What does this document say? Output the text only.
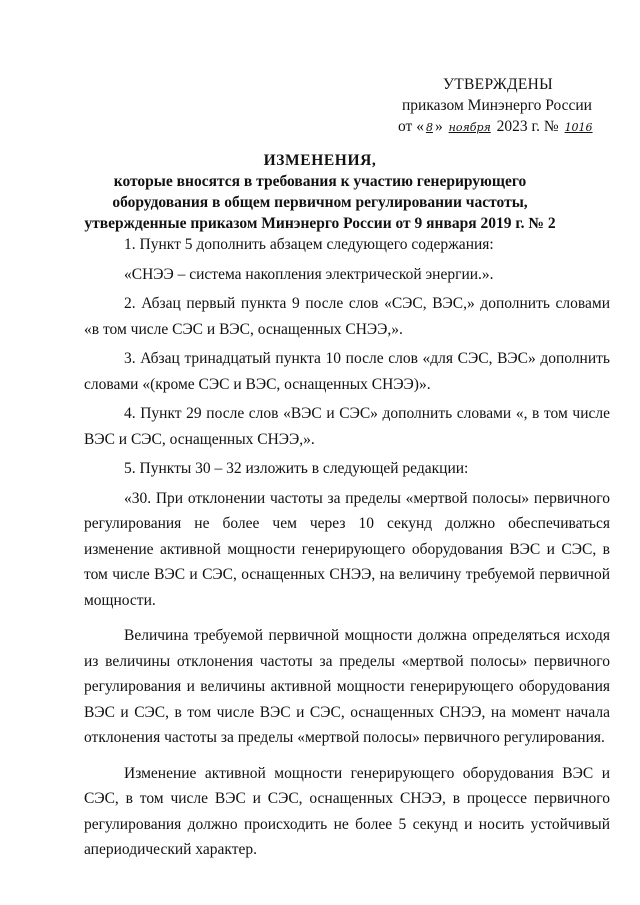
УТВЕРЖДЕНЫ
приказом Минэнерго России
от « 8 » ноября 2023 г. № 1016
ИЗМЕНЕНИЯ,
которые вносятся в требования к участию генерирующего оборудования в общем первичном регулировании частоты, утвержденные приказом Минэнерго России от 9 января 2019 г. № 2

1. Пункт 5 дополнить абзацем следующего содержания:

«СНЭЭ – система накопления электрической энергии.».

2. Абзац первый пункта 9 после слов «СЭС, ВЭС,» дополнить словами «в том числе СЭС и ВЭС, оснащенных СНЭЭ,».

3. Абзац тринадцатый пункта 10 после слов «для СЭС, ВЭС» дополнить словами «(кроме СЭС и ВЭС, оснащенных СНЭЭ)».

4. Пункт 29 после слов «ВЭС и СЭС» дополнить словами «, в том числе ВЭС и СЭС, оснащенных СНЭЭ,».

5. Пункты 30 – 32 изложить в следующей редакции:

«30. При отклонении частоты за пределы «мертвой полосы» первичного регулирования не более чем через 10 секунд должно обеспечиваться изменение активной мощности генерирующего оборудования ВЭС и СЭС, в том числе ВЭС и СЭС, оснащенных СНЭЭ, на величину требуемой первичной мощности.

Величина требуемой первичной мощности должна определяться исходя из величины отклонения частоты за пределы «мертвой полосы» первичного регулирования и величины активной мощности генерирующего оборудования ВЭС и СЭС, в том числе ВЭС и СЭС, оснащенных СНЭЭ, на момент начала отклонения частоты за пределы «мертвой полосы» первичного регулирования.

Изменение активной мощности генерирующего оборудования ВЭС и СЭС, в том числе ВЭС и СЭС, оснащенных СНЭЭ, в процессе первичного регулирования должно происходить не более 5 секунд и носить устойчивый апериодический характер.
